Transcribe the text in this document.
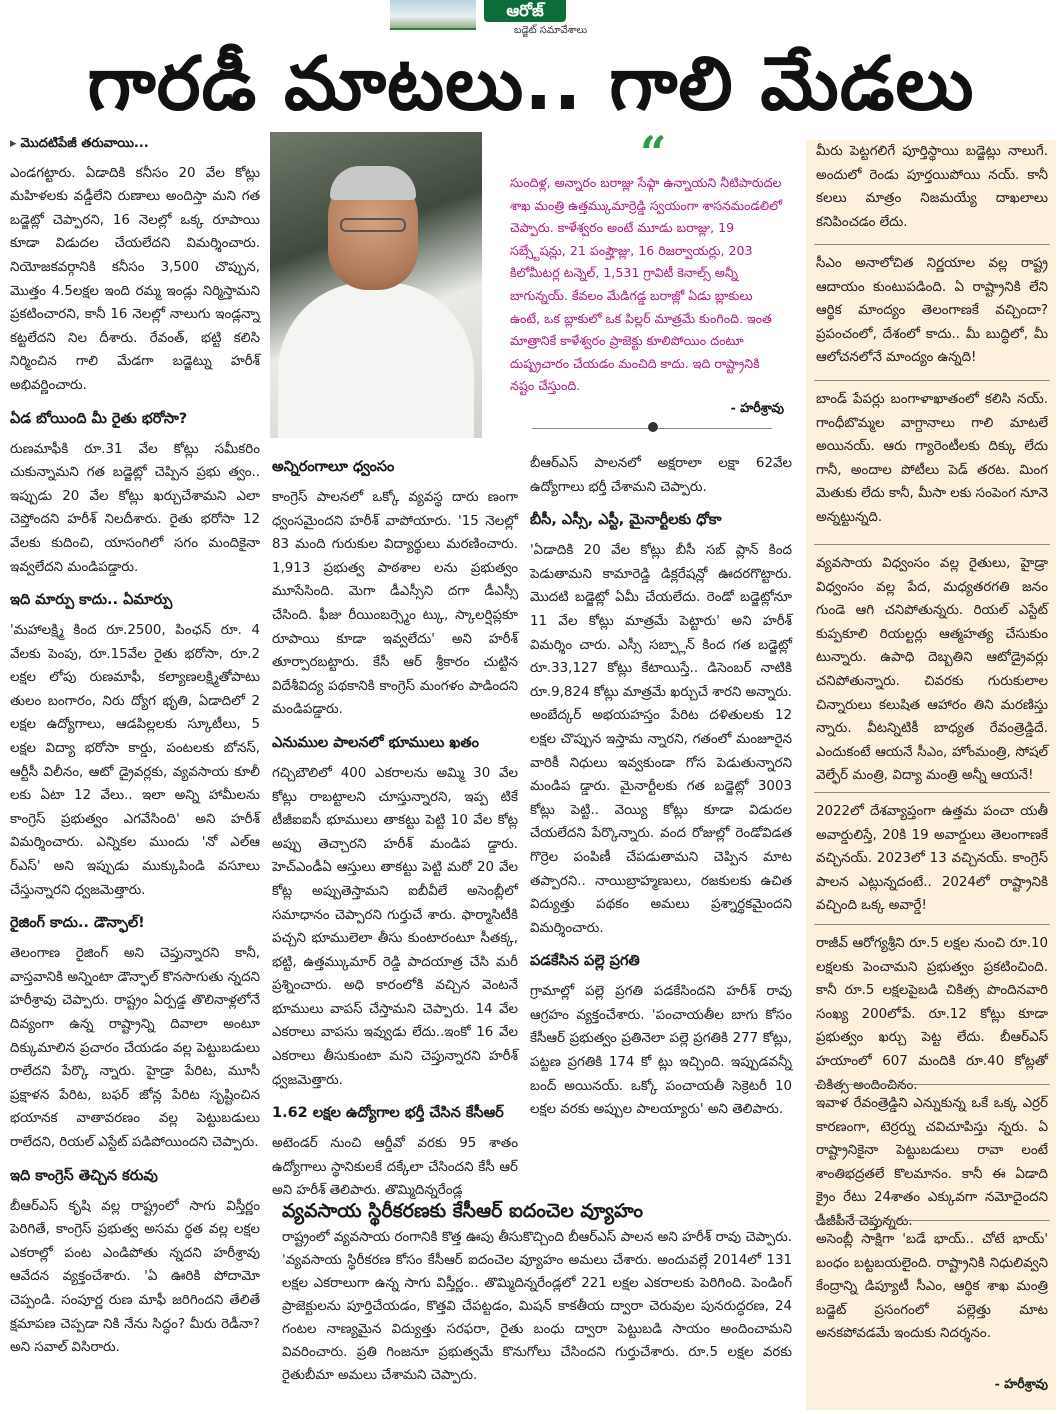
ఆరోజ్
బడ్జెట్ సమావేశాలు
గారడీ మాటలు.. గాలి మేడలు
▸ మొదటిపేజీ తరువాయి...

ఎండగట్టారు. ఏడాదికి కనీసం 20 వేల కోట్లు మహిళలకు వడ్డీలేని రుణాలు అందిస్తా మని గత బడ్జెట్లో చెప్పారని, 16 నెలల్లో ఒక్క రూపాయి కూడా విడుదల చేయలేదని విమర్శించారు. నియోజకవర్గానికి కనీసం 3,500 చొప్పున, మొత్తం 4.5లక్షల ఇంది రమ్మ ఇండ్లు నిర్మిస్తామని ప్రకటించారని, కానీ 16 నెలల్లో నాలుగు ఇండ్లన్నా కట్టలేదని నిల దీశారు. రేవంత్, భట్టి కలిసి నిర్మించిన గాలి మేడగా బడ్జెట్ను హరీశ్ అభివర్ణించారు.

ఏడ బోయింది మీ రైతు భరోసా?

రుణమాఫీకి రూ.31 వేల కోట్లు సమీకరిం చుకున్నామని గత బడ్జెట్లో చెప్పిన ప్రభు త్వం.. ఇప్పుడు 20 వేల కోట్లు ఖర్చుచేశామని ఎలా చెప్తోందని హరీశ్ నిలదీశారు. రైతు భరోసా 12 వేలకు కుదించి, యాసంగిలో సగం మందికైనా ఇవ్వలేదని మండిపడ్డారు.

ఇది మార్పు కాదు.. ఏమార్పు

'మహాలక్ష్మి కింద రూ.2500, పింఛన్ రూ. 4 వేలకు పెంపు, రూ.15వేల రైతు భరోసా, రూ.2 లక్షల లోపు రుణమాఫీ, కల్యాణలక్ష్మితోపాటు తులం బంగారం, నిరు ద్యోగ భృతి, ఏడాదిలో 2 లక్షల ఉద్యోగాలు, ఆడపిల్లలకు స్కూటీలు, 5 లక్షల విద్యా భరోసా కార్డు, పంటలకు బోనస్, ఆర్టీసీ విలీనం, ఆటో డ్రైవర్లకు, వ్యవసాయ కూలీ లకు ఏటా 12 వేలు.. ఇలా అన్ని హామీలను కాంగ్రెస్ ప్రభుత్వం ఎగవేసింది' అని హరీశ్ విమర్శించారు. ఎన్నికల ముందు 'నో ఎల్ఆ ర్ఎస్' అని ఇప్పుడు ముక్కుపిండి వసూలు చేస్తున్నారని ధ్వజమెత్తారు.

రైజింగ్ కాదు.. డౌన్ఫాల్!

తెలంగాణ రైజింగ్ అని చెప్తున్నారని కానీ, వాస్తవానికి అన్నింటా డౌన్ఫాల్ కొనసాగుతు న్నదని హరీశ్రావు చెప్పారు. రాష్ట్రం ఏర్పడ్డ తొలినాళ్లలోనే దివ్యంగా ఉన్న రాష్ట్రాన్ని దివాలా అంటూ దిక్కుమాలిన ప్రచారం చేయడం వల్ల పెట్టుబడులు రాలేదని పేర్కొ న్నారు. హైడ్రా పేరిట, మూసీ ప్రక్షాళన పేరిట, బఫర్ జోన్ల పేరిట సృష్టించిన భయానక వాతావరణం వల్ల పెట్టుబడులు రాలేదని, రియల్ ఎస్టేట్ పడిపోయిందని చెప్పారు.

ఇది కాంగ్రెస్ తెచ్చిన కరువు

బీఆర్ఎస్ కృషి వల్ల రాష్ట్రంలో సాగు విస్తీర్ణం పెరిగితే, కాంగ్రెస్ ప్రభుత్వ అసమ ర్థత వల్ల లక్షల ఎకరాల్లో పంట ఎండిపోతు న్నదని హరీశ్రావు ఆవేదన వ్యక్తంచేశారు. 'ఏ ఊరికి పోదామో చెప్పండి. సంపూర్ణ రుణ మాఫీ జరిగిందని తేలితే క్షమాపణ చెప్పడా నికి నేను సిద్ధం? మీరు రెడీనా? అని సవాల్ విసిరారు.

“
సుందిళ్ల, అన్నారం బరాజ్లు సేఫ్గా ఉన్నాయని నీటిపారుదల శాఖ మంత్రి ఉత్తమ్కుమార్రెడ్డి స్వయంగా శాసనమండలిలో చెప్పారు. కాళేశ్వరం అంటే మూడు బరాజ్లు, 19 సబ్స్టేషన్లు, 21 పంప్హౌజ్లు, 16 రిజర్వాయర్లు, 203 కిలోమీటర్ల టన్నెల్, 1,531 గ్రావిటీ కెనాల్స్ అన్నీ బాగున్నయ్. కేవలం మేడిగడ్డ బరాజ్లో ఏడు బ్లాకులు ఉంటే, ఒక బ్లాకులో ఒక పిల్లర్ మాత్రమే కుంగింది. ఇంత మాత్రానికే కాళేశ్వరం ప్రాజెక్టు కూలిపోయిం దంటూ దుష్ప్రచారం చేయడం మంచిది కాదు. ఇది రాష్ట్రానికి నష్టం చేస్తుంది.
- హరీశ్రావు
అన్నిరంగాలూ ధ్వంసం

కాంగ్రెస్ పాలనలో ఒక్కో వ్యవస్థ దారు ణంగా ధ్వంసమైందని హరీశ్ వాపోయారు. '15 నెలల్లో 83 మంది గురుకుల విద్యార్థులు మరణించారు. 1,913 ప్రభుత్వ పాఠశాల లను ప్రభుత్వం మూసేసింది. మెగా డీఎస్సీని దగా డీఎస్సీ చేసింది. ఫీజు రీయింబర్స్మెం ట్కు, స్కాలర్షిప్లకూ రూపాయి కూడా ఇవ్వలేదు' అని హరీశ్ తూర్పారబట్టారు. కేసీ ఆర్ శ్రీకారం చుట్టిన విదేశీవిద్య పథకానికి కాంగ్రెస్ మంగళం పాడిందని మండిపడ్డారు.

ఎనుముల పాలనలో భూములు ఖతం

గచ్చిబౌలిలో 400 ఎకరాలను అమ్మి 30 వేల కోట్లు రాబట్టాలని చూస్తున్నారని, ఇప్ప టికే టీజీఐఐసీ భూములు తాకట్టు పెట్టి 10 వేల కోట్ల అప్పు తెచ్చారని హరీశ్ మండిప డ్డారు. హెచ్ఎండీఏ ఆస్తులు తాకట్టు పెట్టి మరో 20 వేల కోట్ల అప్పుతెస్తామని ఐబీవీలే అసెంబ్లీలో సమాధానం చెప్పారని గుర్తుచే శారు. ఫార్మాసిటీకి పచ్చని భూములెలా తీసు కుంటారంటూ సీతక్క, భట్టి, ఉత్తమ్కుమార్ రెడ్డి పాదయాత్ర చేసి మరీ ప్రశ్నించారు. అధి కారంలోకి వచ్చిన వెంటనే భూములు వాపస్ చేస్తామని చెప్పారు. 14 వేల ఎకరాలు వాపసు ఇవ్వుడు లేదు..ఇంకో 16 వేల ఎకరాలు తీసుకుంటా మని చెప్తున్నారని హరీశ్ ధ్వజమెత్తారు.

1.62 లక్షల ఉద్యోగాల భర్తీ చేసిన కేసీఆర్

అటెండర్ నుంచి ఆర్డీవో వరకు 95 శాతం ఉద్యోగాలు స్థానికులకే దక్కేలా చేసిందని కేసీ ఆర్ అని హరీశ్ తెలిపారు. తొమ్మిదిన్నరేండ్ల

బీఆర్ఎస్ పాలనలో అక్షరాలా లక్షా 62వేల ఉద్యోగాలు భర్తీ చేశామని చెప్పారు.

బీసీ, ఎస్సీ, ఎస్టీ, మైనార్టీలకు ధోకా

'ఏడాదికి 20 వేల కోట్లు బీసీ సబ్ ప్లాన్ కింద పెడుతామని కామారెడ్డి డిక్లరేషన్లో ఊదరగొట్టారు. మొదటి బడ్జెట్లో ఏమీ చేయలేదు. రెండో బడ్జెట్లోనూ 11 వేల కోట్లు మాత్రమే పెట్టారు' అని హరీశ్ విమర్శిం చారు. ఎస్సీ సబ్ప్లాన్ కింద గత బడ్జెట్లో రూ.33,127 కోట్లు కేటాయిస్తే.. డిసెంబర్ నాటికి రూ.9,824 కోట్లు మాత్రమే ఖర్చుచే శారని అన్నారు. అంబేద్కర్ అభయహస్తం పేరిట దళితులకు 12 లక్షల చొప్పున ఇస్తామ న్నారని, గతంలో మంజూరైన వారికీ నిధులు ఇవ్వకుండా గోస పెడుతున్నారని మండిప డ్డారు. మైనార్టీలకు గత బడ్జెట్లో 3003 కోట్లు పెట్టి.. వెయ్యి కోట్లు కూడా విడుదల చేయలేదని పేర్కొన్నారు. వంద రోజుల్లో రెండోవిడత గొర్రెల పంపిణీ చేపడుతామని చెప్పిన మాట తప్పారని.. నాయిబ్రాహ్మణులు, రజకులకు ఉచిత విద్యుత్తు పథకం అమలు ప్రశ్నార్థకమైందని విమర్శించారు.

పడకేసిన పల్లె ప్రగతి

గ్రామాల్లో పల్లె ప్రగతి పడకేసిందని హరీశ్ రావు ఆగ్రహం వ్యక్తంచేశారు. 'పంచాయతీల బాగు కోసం కేసీఆర్ ప్రభుత్వం ప్రతినెలా పల్లె ప్రగతికి 277 కోట్లు, పట్టణ ప్రగతికి 174 కో ట్లు ఇచ్చింది. ఇప్పుడవన్నీ బంద్ అయినయ్. ఒక్కో పంచాయతీ సెక్రెటరీ 10 లక్షల వరకు అప్పుల పాలయ్యారు' అని తెలిపారు.

వ్యవసాయ స్థిరీకరణకు కేసీఆర్ ఐదంచెల వ్యూహం
రాష్ట్రంలో వ్యవసాయ రంగానికి కొత్త ఊపు తీసుకొచ్చింది బీఆర్ఎస్ పాలన అని హరీశ్ రావు చెప్పారు. 'వ్యవసాయ స్థిరీకరణ కోసం కేసీఆర్ ఐదంచెల వ్యూహం అమలు చేశారు. అందువల్లే 2014లో 131 లక్షల ఎకరాలుగా ఉన్న సాగు విస్తీర్ణం.. తొమ్మిదిన్నరేండ్లలో 221 లక్షల ఎకరాలకు పెరిగింది. పెండింగ్ ప్రాజెక్టులను పూర్తిచేయడం, కొత్తవి చేపట్టడం, మిషన్ కాకతీయ ద్వారా చెరువుల పునరుద్ధరణ, 24 గంటల నాణ్యమైన విద్యుత్తు సరఫరా, రైతు బంధు ద్వారా పెట్టుబడి సాయం అందించామని వివరించారు. ప్రతి గింజనూ ప్రభుత్వమే కొనుగోలు చేసిందని గుర్తుచేశారు. రూ.5 లక్షల వరకు రైతుబీమా అమలు చేశామని చెప్పారు.
మీరు పెట్టగలిగే పూర్తిస్థాయి బడ్జెట్లు నాలుగే. అందులో రెండు పూర్తయిపోయి నయ్. కానీ కలలు మాత్రం నిజమయ్యే దాఖలాలు కనిపించడం లేదు.
సీఎం అనాలోచిత నిర్ణయాల వల్ల రాష్ట్ర ఆదాయం కుంటుపడింది. ఏ రాష్ట్రానికి లేని ఆర్థిక మాంద్యం తెలంగాణకే వచ్చిందా? ప్రపంచంలో, దేశంలో కాదు.. మీ బుద్ధిలో, మీ ఆలోచనలోనే మాంద్యం ఉన్నది!
బాండ్ పేపర్లు బంగాళాఖాతంలో కలిసి నయ్. గాంధీబొమ్మల వాగ్దానాలు గాలి మాటలే అయినయ్. ఆరు గ్యారెంటీలకు దిక్కు లేదు గానీ, అందాల పోటీలు పెడ్ తరట. మింగ మెతుకు లేదు కానీ, మీసా లకు సంపెంగ నూనె అన్నట్టున్నది.
వ్యవసాయ విధ్వంసం వల్ల రైతులు, హైడ్రా విధ్వంసం వల్ల పేద, మధ్యతరగతి జనం గుండె ఆగి చనిపోతున్నరు. రియల్ ఎస్టేట్ కుప్పకూలి రియల్టర్లు ఆత్మహత్య చేసుకుం టున్నారు. ఉపాధి దెబ్బతిని ఆటోడ్రైవర్లు చనిపోతున్నారు. చివరకు గురుకులాల చిన్నారులు కలుషిత ఆహారం తిని మరణిస్తు న్నారు. వీటన్నిటికీ బాధ్యత రేవంత్రెడ్డిదే. ఎందుకంటే ఆయనే సీఎం, హోంమంత్రి, సోషల్ వెల్ఫేర్ మంత్రి, విద్యా మంత్రి అన్నీ ఆయనే!
2022లో దేశవ్యాప్తంగా ఉత్తమ పంచా యతీ అవార్డులిస్తే, 20కి 19 అవార్డులు తెలంగాణకే వచ్చినయ్. 2023లో 13 వచ్చినయ్. కాంగ్రెస్ పాలన ఎట్లున్నదంటే.. 2024లో రాష్ట్రానికి వచ్చింది ఒక్క అవార్డే!
రాజీవ్ ఆరోగ్యశ్రీని రూ.5 లక్షల నుంచి రూ.10 లక్షలకు పెంచామని ప్రభుత్వం ప్రకటించింది. కానీ రూ.5 లక్షలపైబడి చికిత్స పొందినవారి సంఖ్య 200లోపే. రూ.12 కోట్లు కూడా ప్రభుత్వం ఖర్చు పెట్ట లేదు. బీఆర్ఎస్ హయాంలో 607 మందికి రూ.40 కోట్లతో చికిత్స అందించినం.
ఇవాళ రేవంత్రెడ్డిని ఎన్నుకున్న ఒకే ఒక్క ఎర్రర్ కారణంగా, టెర్రర్ను చవిచూపిస్తు న్నరు. ఏ రాష్ట్రానికైనా పెట్టుబడులు రావా లంటే శాంతిభద్రతలే కొలమానం. కానీ ఈ ఏడాది క్రైం రేటు 24శాతం ఎక్కువగా నమోదైందని డీజీపీనే చెప్తున్నరు.
అసెంబ్లీ సాక్షిగా 'బడే భాయ్.. చోటే భాయ్' బంధం బట్టబయలైంది. రాష్ట్రానికి నిధులివ్వని కేంద్రాన్ని డిప్యూటీ సీఎం, ఆర్థిక శాఖ మంత్రి బడ్జెట్ ప్రసంగంలో పల్లెత్తు మాట అనకపోవడమే ఇందుకు నిదర్శనం.
- హరీశ్రావు
